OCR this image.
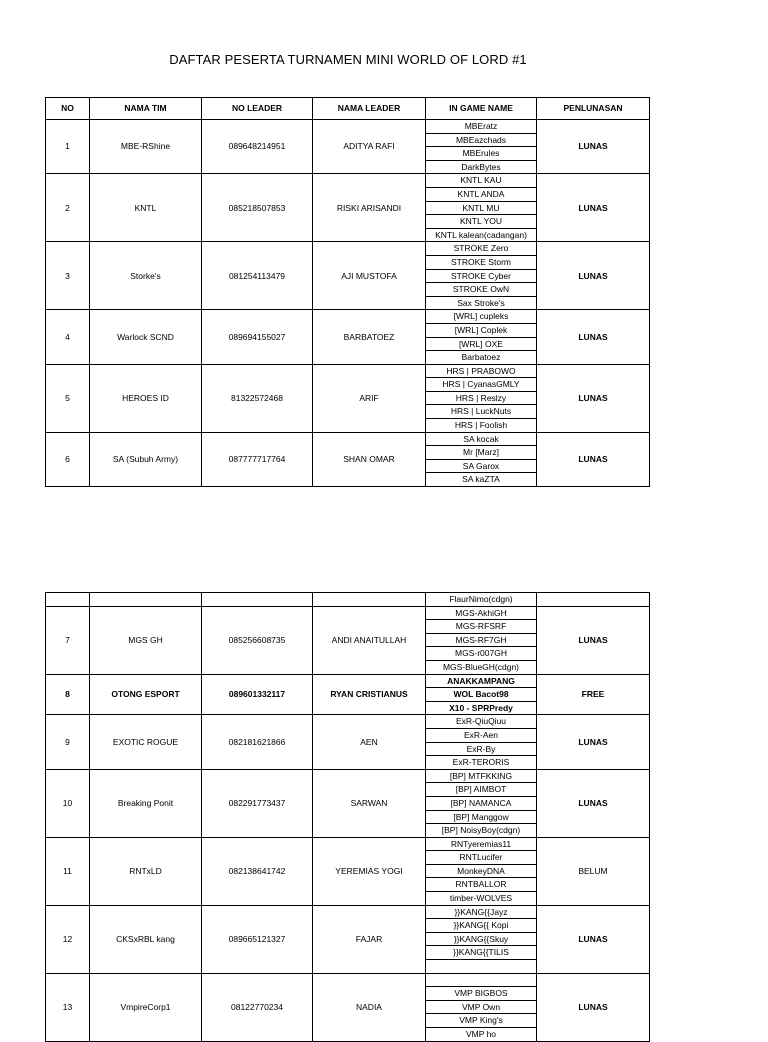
DAFTAR PESERTA TURNAMEN MINI WORLD OF LORD #1
NO	NAMA TIM	NO LEADER	NAMA LEADER	IN GAME NAME	PENLUNASAN
1	MBE-RShine	089648214951	ADITYA RAFI	MBEratz	LUNAS
				MBEazchads	
				MBErules	
				DarkBytes	
2	KNTL	085218507853	RISKI ARISANDI	KNTL KAU	LUNAS
				KNTL ANDA	
				KNTL MU	
				KNTL YOU	
				KNTL kalean(cadangan)	
3	Storke's	081254113479	AJI MUSTOFA	STROKE Zero	LUNAS
				STROKE Storm	
				STROKE Cyber	
				STROKE OwN	
				Sax Stroke's	
4	Warlock SCND	089694155027	BARBATOEZ	[WRL] cupleks	LUNAS
				[WRL] Coplek	
				[WRL] OXE	
				Barbatoez	
5	HEROES ID	81322572468	ARIF	HRS | PRABOWO	LUNAS
				HRS | CyanasGMLY	
				HRS | Reslzy	
				HRS | LuckNuts	
				HRS | Foolish	
6	SA (Subuh Army)	087777717764	SHAN OMAR	SA kocak	LUNAS
				Mr [Marz]	
				SA Garox	
				SA kaZTA	
				FlaurNimo(cdgn)	
7	MGS GH	085256608735	ANDI ANAITULLAH	MGS-AkhiGH	LUNAS
				MGS-RFSRF	
				MGS-RF7GH	
				MGS-r007GH	
				MGS-BlueGH(cdgn)	
8	OTONG ESPORT	089601332117	RYAN CRISTIANUS	ANAKKAMPANG	FREE
				WOL Bacot98	
				X10 - SPRPredy	
9	EXOTIC ROGUE	082181621866	AEN	ExR-QiuQiuu	LUNAS
				ExR-Aen	
				ExR-By	
				ExR-TERORIS	
10	Breaking Ponit	082291773437	SARWAN	[BP] MTFKKING	LUNAS
				[BP] AIMBOT	
				[BP] NAMANCA	
				[BP] Manggow	
				[BP] NoisyBoy(cdgn)	
11	RNTxLD	082138641742	YEREMIAS YOGI	RNTyeremias11	BELUM
				RNTLucifer	
				MonkeyDNA	
				RNTBALLOR	
				timber-WOLVES	
12	CKSxRBL kang	089665121327	FAJAR	}}KANG{{Jayz	LUNAS
				}}KANG{{ Kopi	
				}}KANG{{Skuy	
				}}KANG{{TILIS	

13	VmpireCorp1	08122770234	NADIA		LUNAS
				VMP BIGBOS	
				VMP Own	
				VMP King's	
				VMP ho	
